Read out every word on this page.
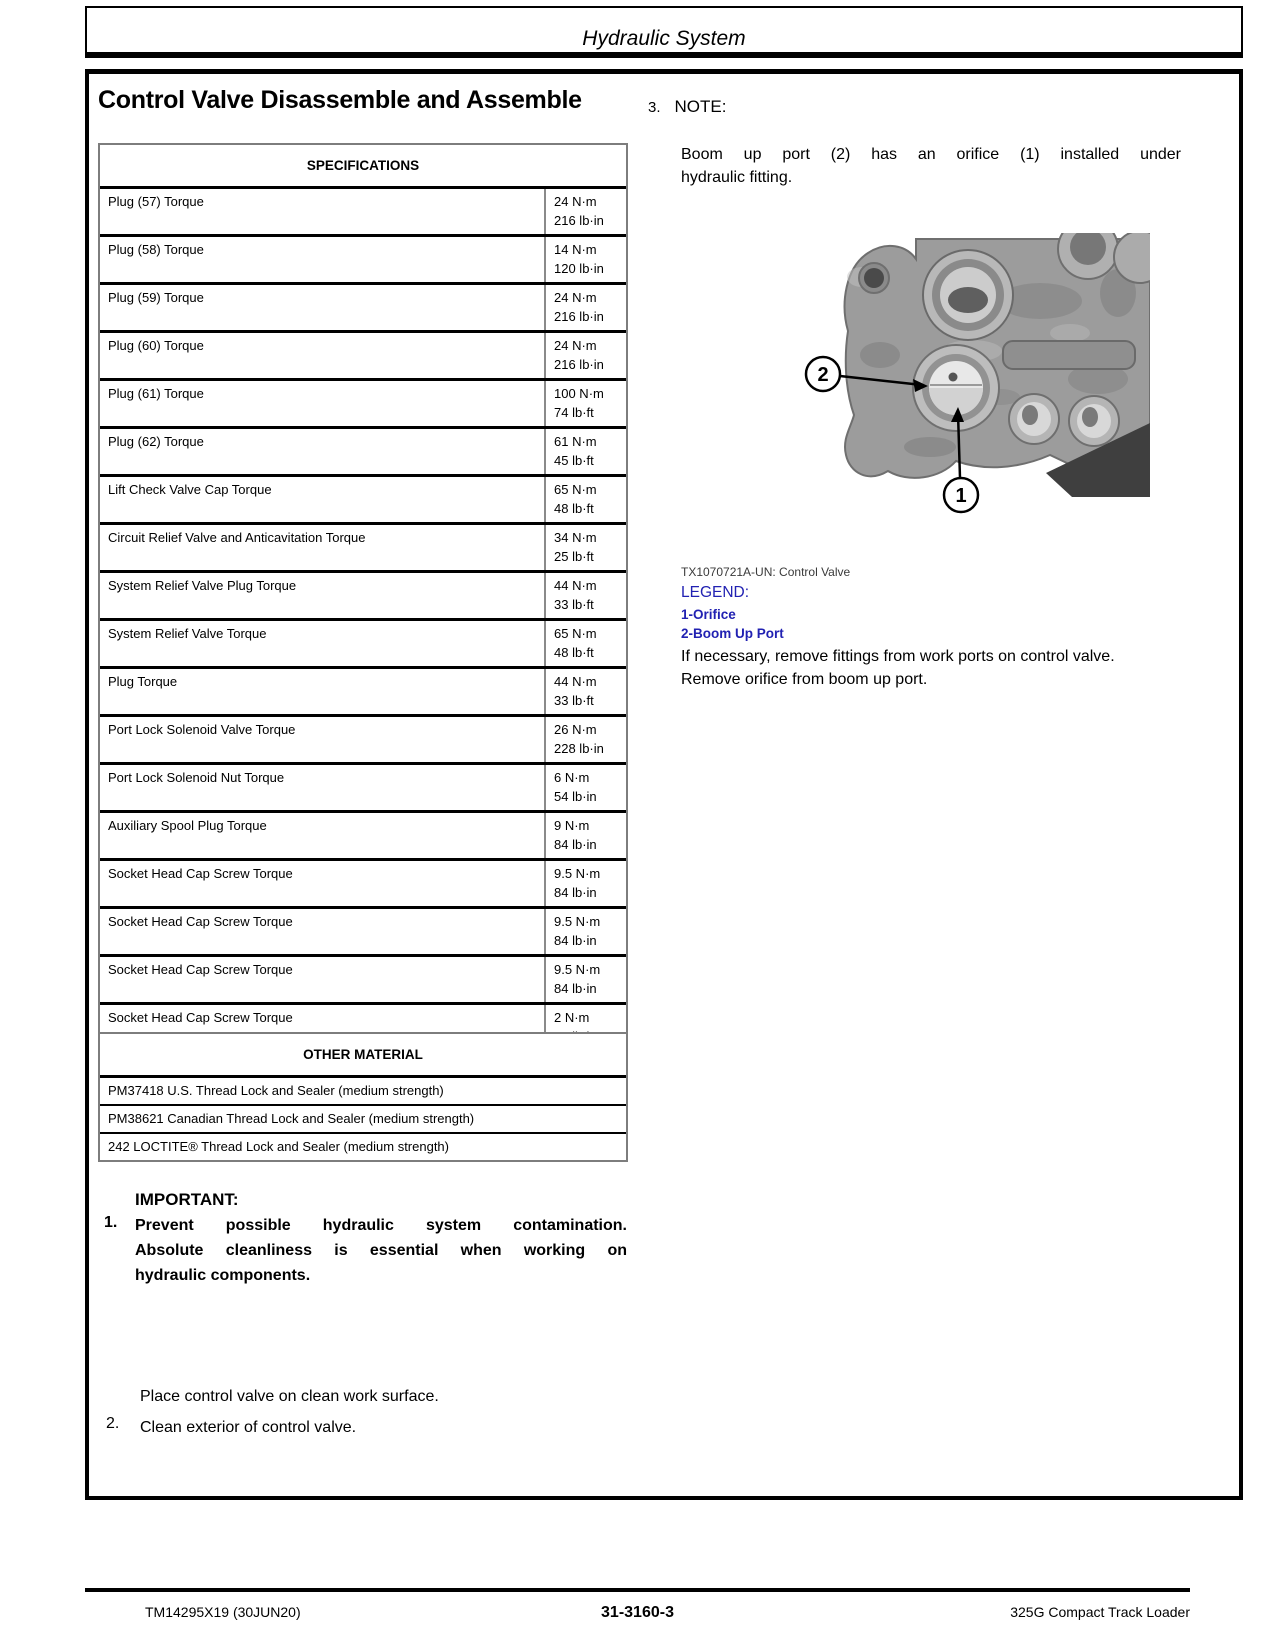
Hydraulic System
Control Valve Disassemble and Assemble
SPECIFICATIONS
Plug (57) Torque	24 N·m
216 lb·in
Plug (58) Torque	14 N·m
120 lb·in
Plug (59) Torque	24 N·m
216 lb·in
Plug (60) Torque	24 N·m
216 lb·in
Plug (61) Torque	100 N·m
74 lb·ft
Plug (62) Torque	61 N·m
45 lb·ft
Lift Check Valve Cap Torque	65 N·m
48 lb·ft
Circuit Relief Valve and Anticavitation Torque	34 N·m
25 lb·ft
System Relief Valve Plug Torque	44 N·m
33 lb·ft
System Relief Valve Torque	65 N·m
48 lb·ft
Plug Torque	44 N·m
33 lb·ft
Port Lock Solenoid Valve Torque	26 N·m
228 lb·in
Port Lock Solenoid Nut Torque	6 N·m
54 lb·in
Auxiliary Spool Plug Torque	9 N·m
84 lb·in
Socket Head Cap Screw Torque	9.5 N·m
84 lb·in
Socket Head Cap Screw Torque	9.5 N·m
84 lb·in
Socket Head Cap Screw Torque	9.5 N·m
84 lb·in
Socket Head Cap Screw Torque	2 N·m
OTHER MATERIAL
PM37418 U.S. Thread Lock and Sealer (medium strength)
PM38621 Canadian Thread Lock and Sealer (medium strength)
242 LOCTITE® Thread Lock and Sealer (medium strength)
IMPORTANT:
1. Prevent possible hydraulic system contamination.
Absolute cleanliness is essential when working on
hydraulic components.
Place control valve on clean work surface.
2. Clean exterior of control valve.
3. NOTE:
Boom up port (2) has an orifice (1) installed under
hydraulic fitting.
2
1
TX1070721A-UN: Control Valve
LEGEND:
1-Orifice
2-Boom Up Port
If necessary, remove fittings from work ports on control valve.
Remove orifice from boom up port.
TM14295X19 (30JUN20)	31-3160-3	325G Compact Track Loader
